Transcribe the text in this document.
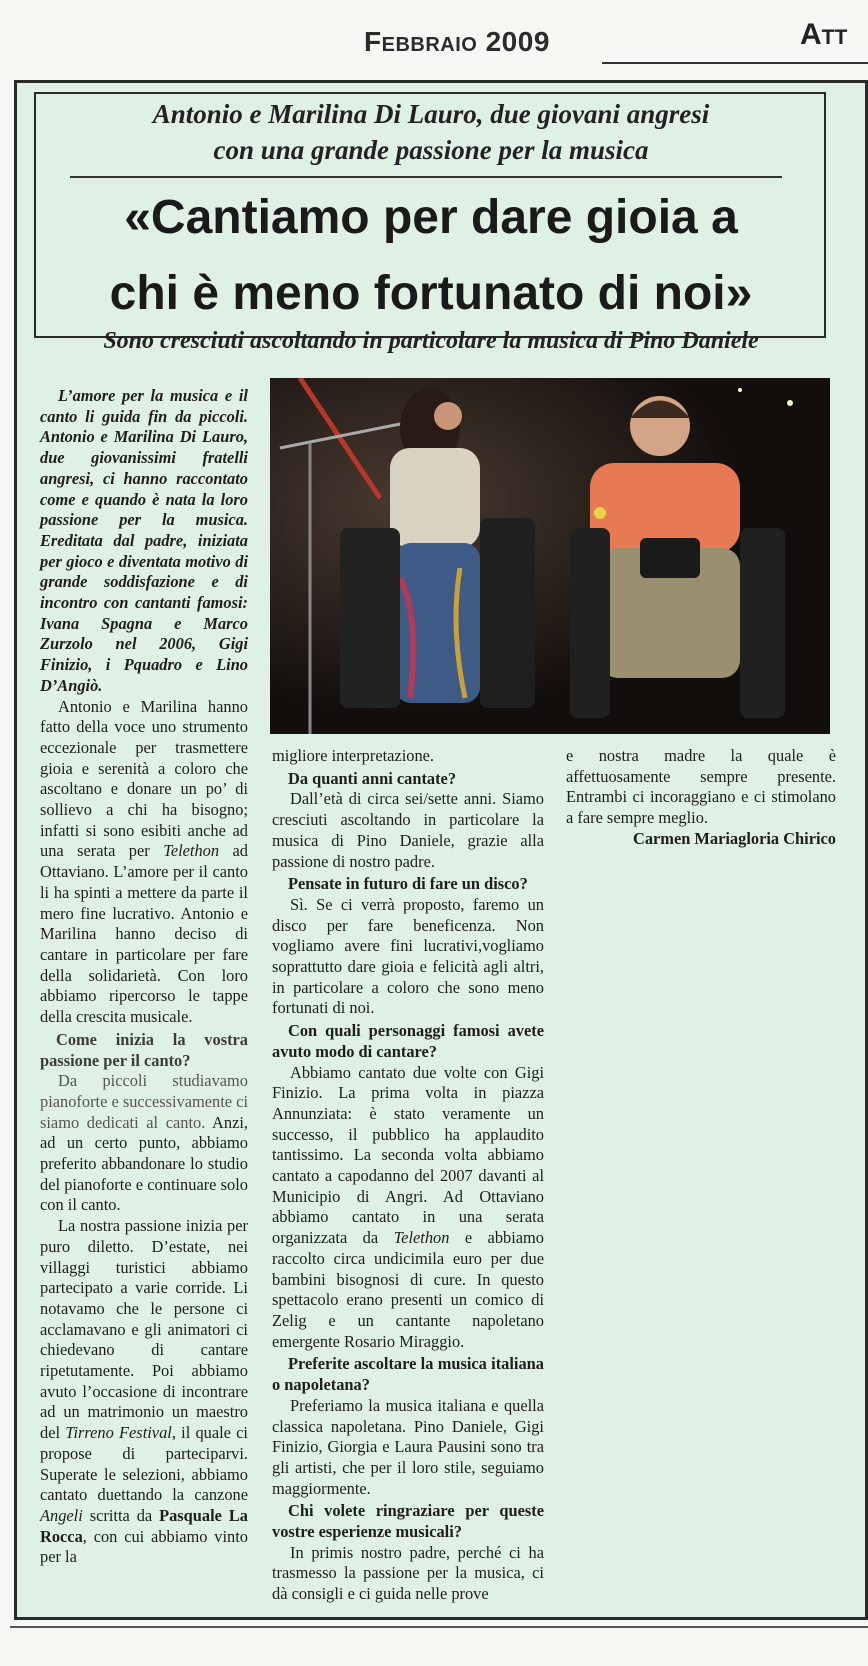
Febbraio 2009	Att
Antonio e Marilina Di Lauro, due giovani angresi
con una grande passione per la musica
«Cantiamo per dare gioia a
chi è meno fortunato di noi»
Sono cresciuti ascoltando in particolare la musica di Pino Daniele

L’amore per la musica e il canto li guida fin da piccoli. Antonio e Marilina Di Lauro, due giovanissimi fratelli angresi, ci hanno raccontato come e quando è nata la loro passione per la musica. Ereditata dal padre, iniziata per gioco e diventata motivo di grande soddisfazione e di incontro con cantanti famosi: Ivana Spagna e Marco Zurzolo nel 2006, Gigi Finizio, i Pquadro e Lino D’Angiò.

Antonio e Marilina hanno fatto della voce uno strumento eccezionale per trasmettere gioia e serenità a coloro che ascoltano e donare un po’ di sollievo a chi ha bisogno; infatti si sono esibiti anche ad una serata per Telethon ad Ottaviano. L’amore per il canto li ha spinti a mettere da parte il mero fine lucrativo. Antonio e Marilina hanno deciso di cantare in particolare per fare della solidarietà. Con loro abbiamo ripercorso le tappe della crescita musicale.

Come inizia la vostra passione per il canto?

Da piccoli studiavamo pianoforte e successivamente ci siamo dedicati al canto. Anzi, ad un certo punto, abbiamo preferito abbandonare lo studio del pianoforte e continuare solo con il canto.

La nostra passione inizia per puro diletto. D’estate, nei villaggi turistici abbiamo partecipato a varie corride. Li notavamo che le persone ci acclamavano e gli animatori ci chiedevano di cantare ripetutamente. Poi abbiamo avuto l’occasione di incontrare ad un matrimonio un maestro del Tirreno Festival, il quale ci propose di parteciparvi. Superate le selezioni, abbiamo cantato duettando la canzone Angeli scritta da Pasquale La Rocca, con cui abbiamo vinto per la

migliore interpretazione.

Da quanti anni cantate?

Dall’età di circa sei/sette anni. Siamo cresciuti ascoltando in particolare la musica di Pino Daniele, grazie alla passione di nostro padre.

Pensate in futuro di fare un disco?

Sì. Se ci verrà proposto, faremo un disco per fare beneficenza. Non vogliamo avere fini lucrativi,vogliamo soprattutto dare gioia e felicità agli altri, in particolare a coloro che sono meno fortunati di noi.

Con quali personaggi famosi avete avuto modo di cantare?

Abbiamo cantato due volte con Gigi Finizio. La prima volta in piazza Annunziata: è stato veramente un successo, il pubblico ha applaudito tantissimo. La seconda volta abbiamo cantato a capodanno del 2007 davanti al Municipio di Angri. Ad Ottaviano abbiamo cantato in una serata organizzata da Telethon e abbiamo raccolto circa undicimila euro per due bambini bisognosi di cure. In questo spettacolo erano presenti un comico di Zelig e un cantante napoletano emergente Rosario Miraggio.

Preferite ascoltare la musica italiana o napoletana?

Preferiamo la musica italiana e quella classica napoletana. Pino Daniele, Gigi Finizio, Giorgia e Laura Pausini sono tra gli artisti, che per il loro stile, seguiamo maggiormente.

Chi volete ringraziare per queste vostre esperienze musicali?

In primis nostro padre, perché ci ha trasmesso la passione per la musica, ci dà consigli e ci guida nelle prove

e nostra madre la quale è affettuosamente sempre presente. Entrambi ci incoraggiano e ci stimolano a fare sempre meglio.

Carmen Mariagloria Chirico
